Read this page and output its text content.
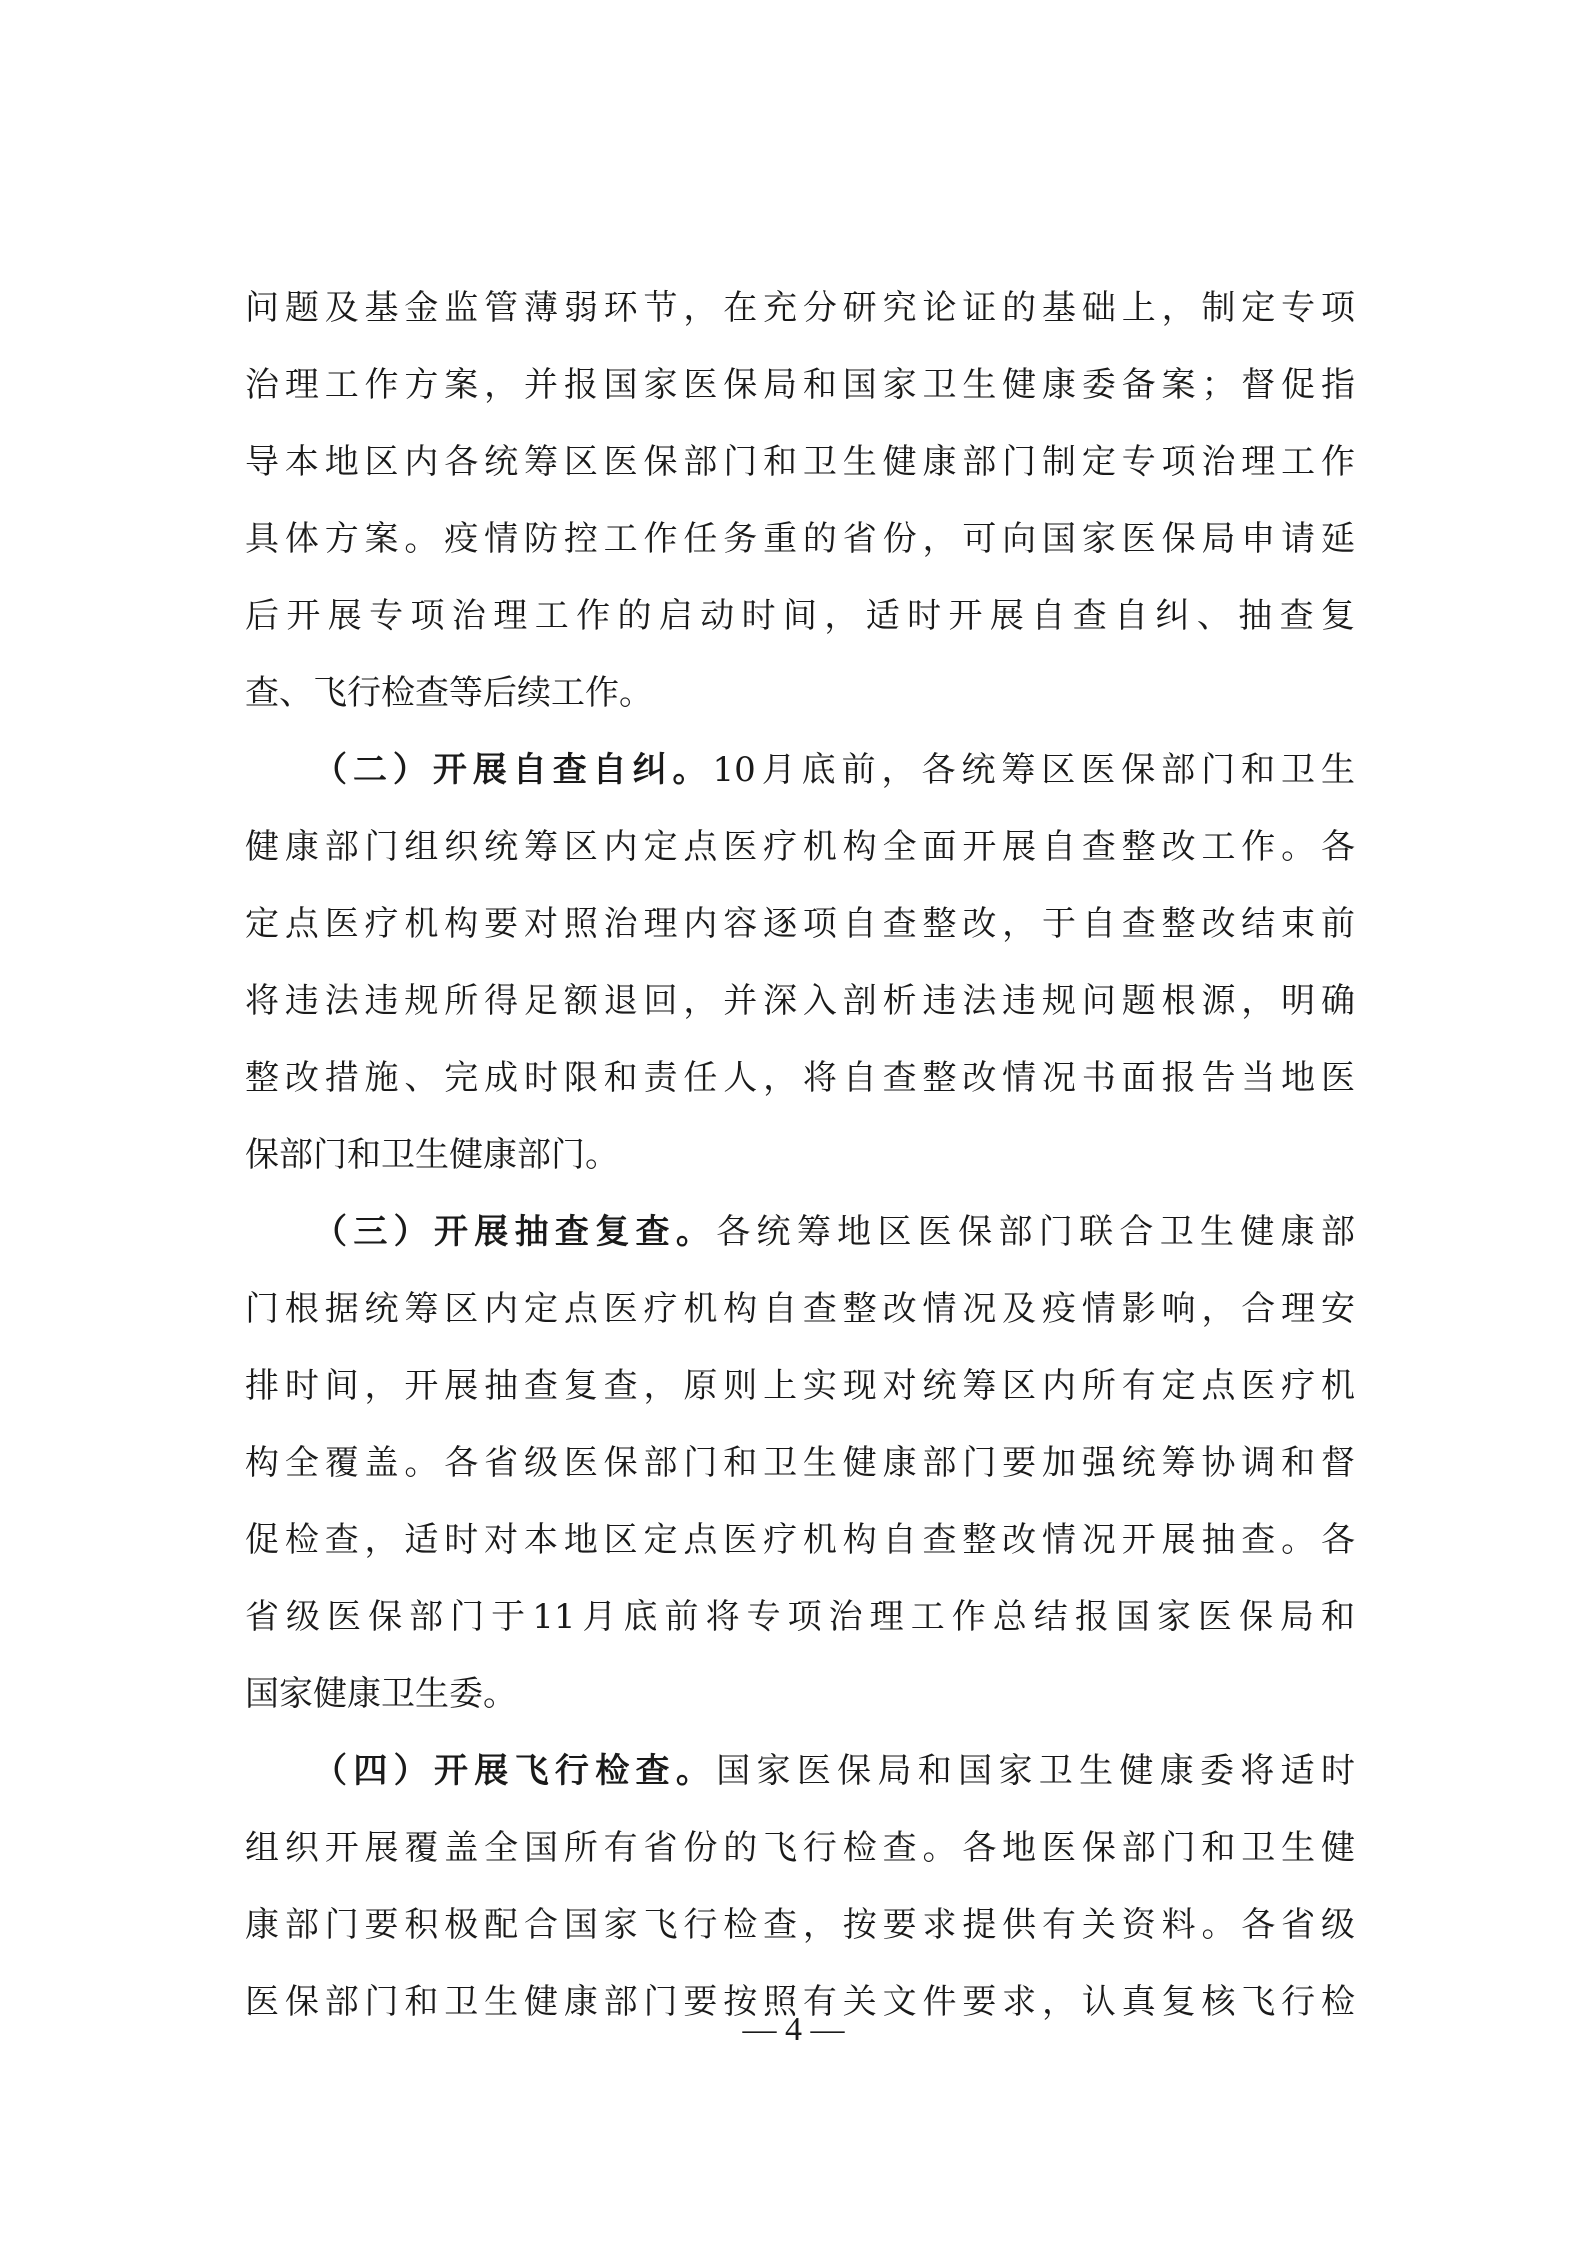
问题及基金监管薄弱环节，在充分研究论证的基础上，制定专项
治理工作方案，并报国家医保局和国家卫生健康委备案；督促指
导本地区内各统筹区医保部门和卫生健康部门制定专项治理工作
具体方案。疫情防控工作任务重的省份，可向国家医保局申请延
后开展专项治理工作的启动时间，适时开展自查自纠、抽查复
查、飞行检查等后续工作。
（二）开展自查自纠。10月底前，各统筹区医保部门和卫生
健康部门组织统筹区内定点医疗机构全面开展自查整改工作。各
定点医疗机构要对照治理内容逐项自查整改，于自查整改结束前
将违法违规所得足额退回，并深入剖析违法违规问题根源，明确
整改措施、完成时限和责任人，将自查整改情况书面报告当地医
保部门和卫生健康部门。
（三）开展抽查复查。各统筹地区医保部门联合卫生健康部
门根据统筹区内定点医疗机构自查整改情况及疫情影响，合理安
排时间，开展抽查复查，原则上实现对统筹区内所有定点医疗机
构全覆盖。各省级医保部门和卫生健康部门要加强统筹协调和督
促检查，适时对本地区定点医疗机构自查整改情况开展抽查。各
省级医保部门于11月底前将专项治理工作总结报国家医保局和
国家健康卫生委。
（四）开展飞行检查。国家医保局和国家卫生健康委将适时
组织开展覆盖全国所有省份的飞行检查。各地医保部门和卫生健
康部门要积极配合国家飞行检查，按要求提供有关资料。各省级
医保部门和卫生健康部门要按照有关文件要求，认真复核飞行检
— 4 —
